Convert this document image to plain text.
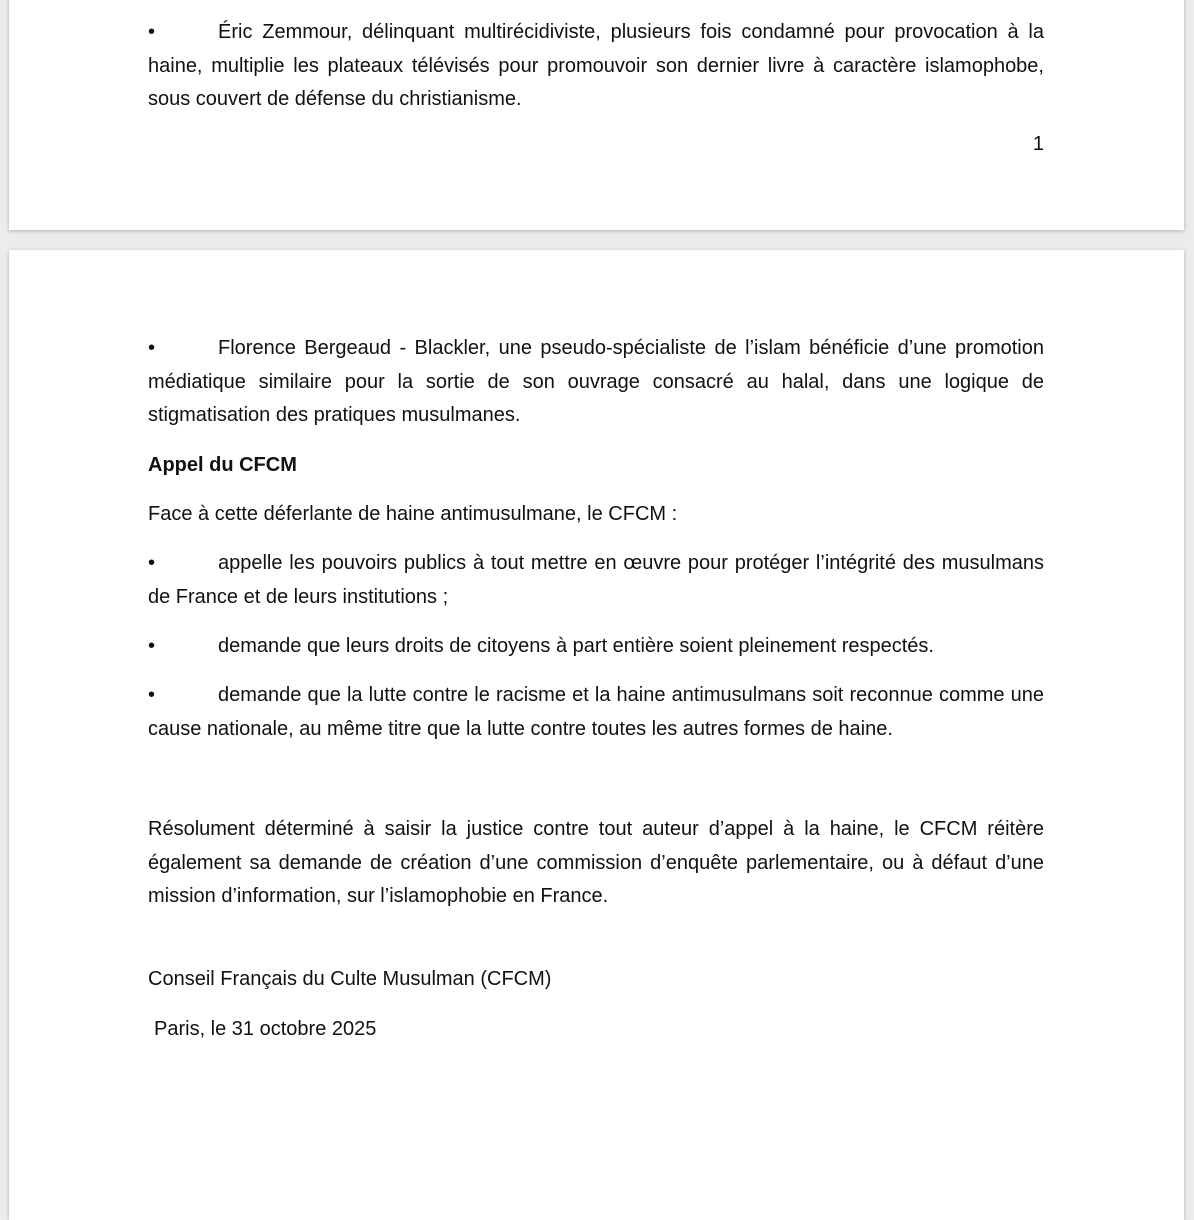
•	Éric Zemmour, délinquant multirécidiviste, plusieurs fois condamné pour provocation à la haine, multiplie les plateaux télévisés pour promouvoir son dernier livre à caractère islamophobe, sous couvert de défense du christianisme.

1

•	Florence Bergeaud - Blackler, une pseudo-spécialiste de l’islam bénéficie d’une promotion médiatique similaire pour la sortie de son ouvrage consacré au halal, dans une logique de stigmatisation des pratiques musulmanes.

Appel du CFCM

Face à cette déferlante de haine antimusulmane, le CFCM :

•	appelle les pouvoirs publics à tout mettre en œuvre pour protéger l’intégrité des musulmans de France et de leurs institutions ;

•	demande que leurs droits de citoyens à part entière soient pleinement respectés.

•	demande que la lutte contre le racisme et la haine antimusulmans soit reconnue comme une cause nationale, au même titre que la lutte contre toutes les autres formes de haine.

Résolument déterminé à saisir la justice contre tout auteur d’appel à la haine, le CFCM réitère également sa demande de création d’une commission d’enquête parlementaire, ou à défaut d’une mission d’information, sur l’islamophobie en France.

Conseil Français du Culte Musulman (CFCM)

Paris, le 31 octobre 2025
